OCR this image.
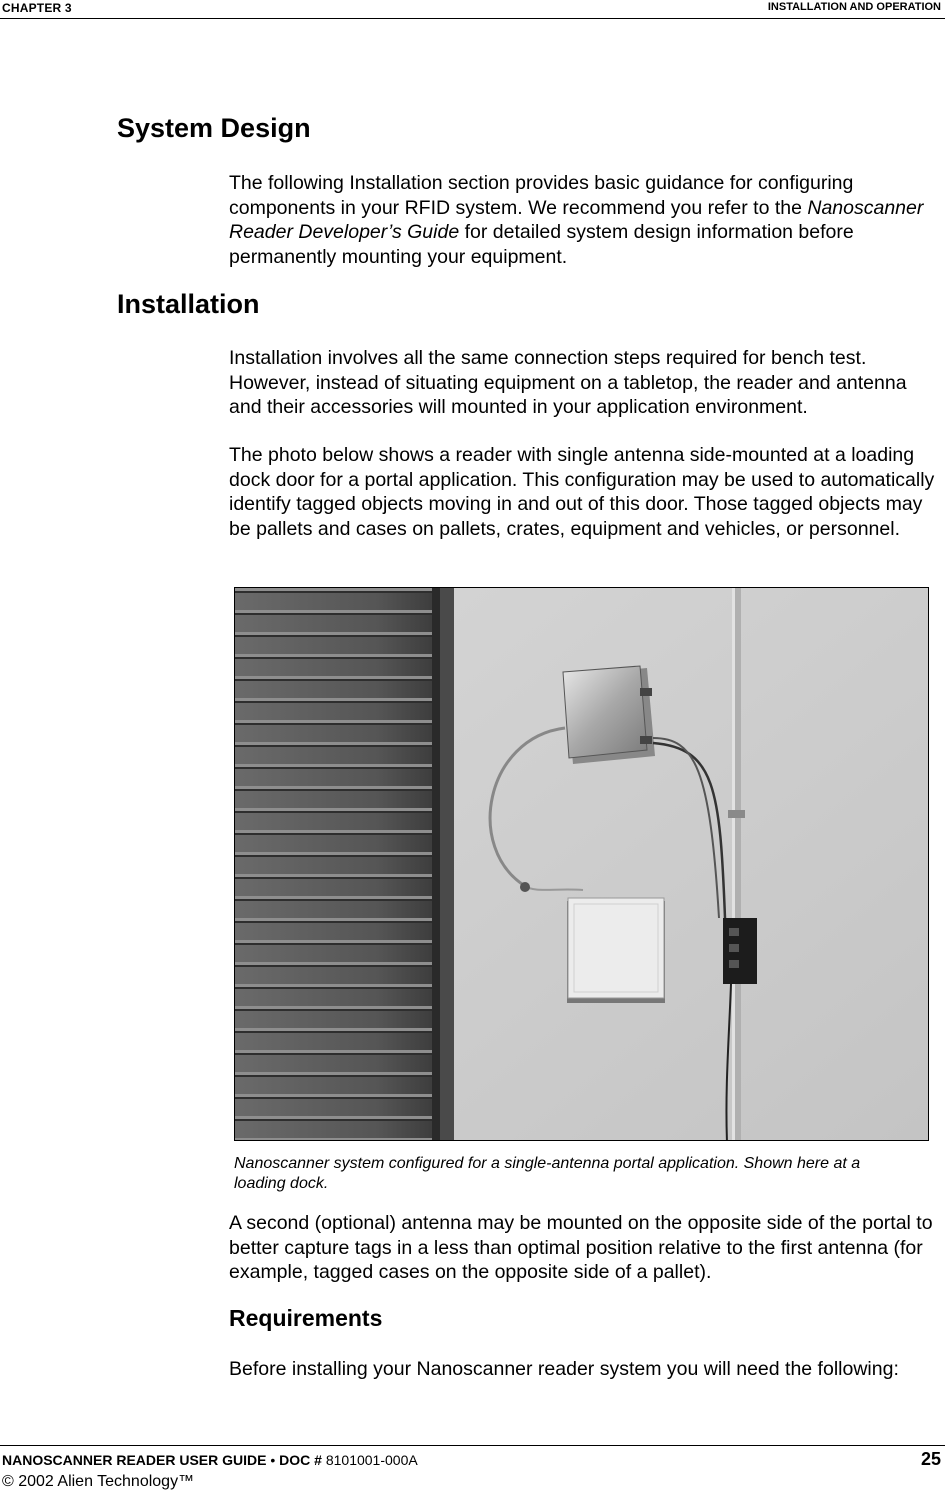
CHAPTER 3	INSTALLATION AND OPERATION
System Design

The following Installation section provides basic guidance for configuring components in your RFID system. We recommend you refer to the Nanoscanner Reader Developer’s Guide for detailed system design information before permanently mounting your equipment.

Installation

Installation involves all the same connection steps required for bench test. However, instead of situating equipment on a tabletop, the reader and antenna and their accessories will mounted in your application environment.

The photo below shows a reader with single antenna side-mounted at a loading dock door for a portal application. This configuration may be used to automatically identify tagged objects moving in and out of this door. Those tagged objects may be pallets and cases on pallets, crates, equipment and vehicles, or personnel.

Nanoscanner system configured for a single-antenna portal application. Shown here at a loading dock.

A second (optional) antenna may be mounted on the opposite side of the portal to better capture tags in a less than optimal position relative to the first antenna (for example, tagged cases on the opposite side of a pallet).

Requirements

Before installing your Nanoscanner reader system you will need the following:

NANOSCANNER READER USER GUIDE • DOC # 8101001-000A
© 2002 Alien Technology™
25
